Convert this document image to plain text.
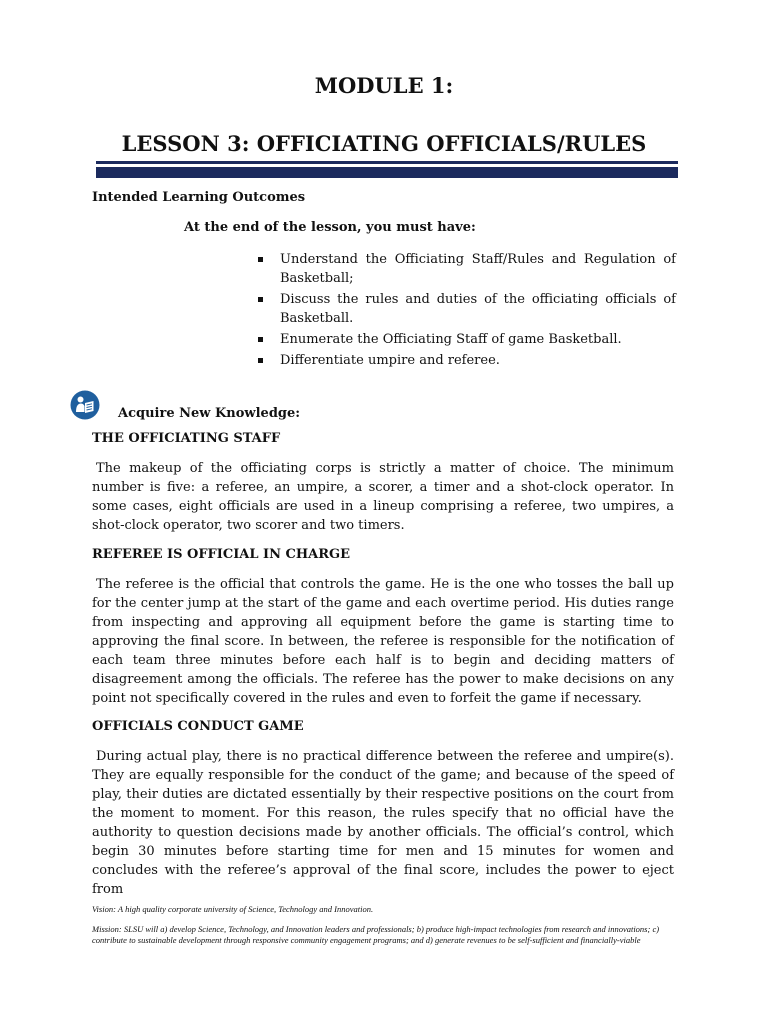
MODULE 1:
LESSON 3: OFFICIATING OFFICIALS/RULES
Intended Learning Outcomes
At the end of the lesson, you must have:
Understand the Officiating Staff/Rules and Regulation of Basketball;
Discuss the rules and duties of the officiating officials of Basketball.
Enumerate the Officiating Staff of game Basketball.
Differentiate umpire and referee.
Acquire New Knowledge:
THE OFFICIATING STAFF

The makeup of the officiating corps is strictly a matter of choice. The minimum number is five: a referee, an umpire, a scorer, a timer and a shot-clock operator. In some cases, eight officials are used in a lineup comprising a referee, two umpires, a shot-clock operator, two scorer and two timers.

REFEREE IS OFFICIAL IN CHARGE

The referee is the official that controls the game. He is the one who tosses the ball up for the center jump at the start of the game and each overtime period. His duties range from inspecting and approving all equipment before the game is starting time to approving the final score. In between, the referee is responsible for the notification of each team three minutes before each half is to begin and deciding matters of disagreement among the officials. The referee has the power to make decisions on any point not specifically covered in the rules and even to forfeit the game if necessary.

OFFICIALS CONDUCT GAME

During actual play, there is no practical difference between the referee and umpire(s). They are equally responsible for the conduct of the game; and because of the speed of play, their duties are dictated essentially by their respective positions on the court from the moment to moment. For this reason, the rules specify that no official have the authority to question decisions made by another officials. The official’s control, which begin 30 minutes before starting time for men and 15 minutes for women and concludes with the referee’s approval of the final score, includes the power to eject from

Vision: A high quality corporate university of Science, Technology and Innovation.
Mission: SLSU will a) develop Science, Technology, and Innovation leaders and professionals; b) produce high-impact technologies from research and innovations; c) contribute to sustainable development through responsive community engagement programs; and d) generate revenues to be self-sufficient and financially-viable
